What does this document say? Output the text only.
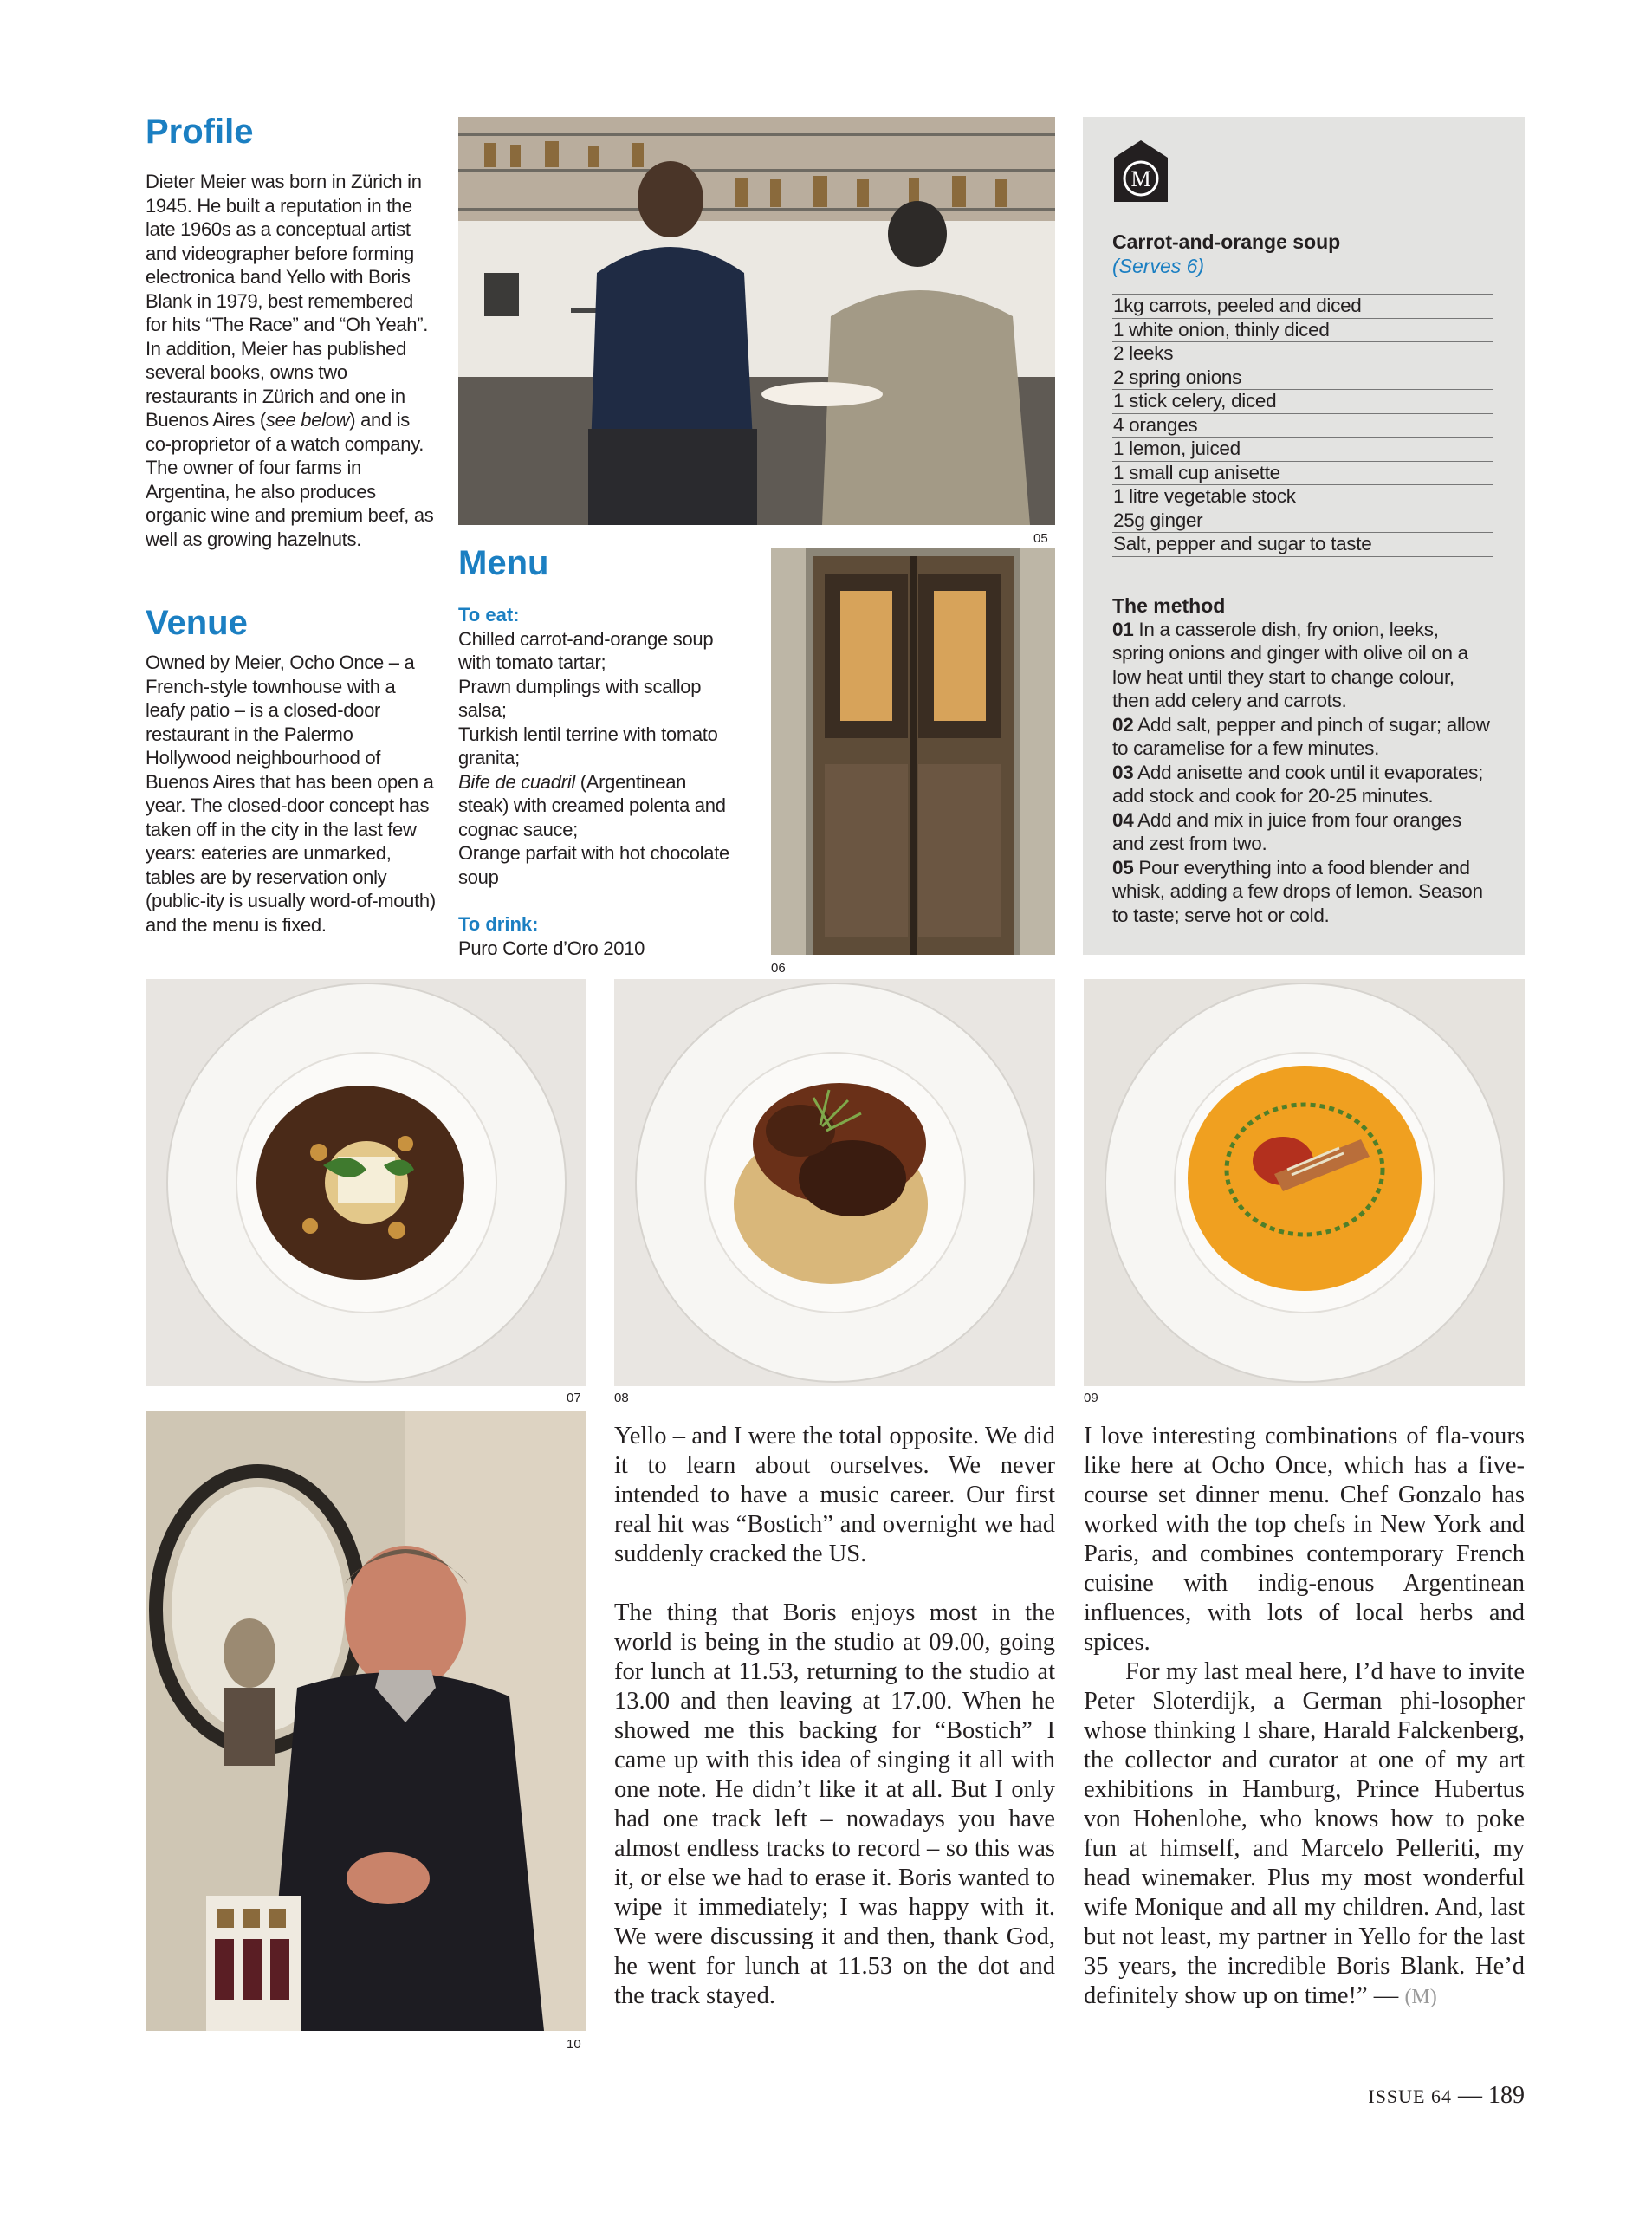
Profile
Dieter Meier was born in Zürich in 1945. He built a reputation in the late 1960s as a conceptual artist and videographer before forming electronica band Yello with Boris Blank in 1979, best remembered for hits “The Race” and “Oh Yeah”. In addition, Meier has published several books, owns two restaurants in Zürich and one in Buenos Aires (see below) and is co-proprietor of a watch company. The owner of four farms in Argentina, he also produces organic wine and premium beef, as well as growing hazelnuts.
Venue
Owned by Meier, Ocho Once – a French-style townhouse with a leafy patio – is a closed-door restaurant in the Palermo Hollywood neighbourhood of Buenos Aires that has been open a year. The closed-door concept has taken off in the city in the last few years: eateries are unmarked, tables are by reservation only (public-ity is usually word-of-mouth) and the menu is fixed.
05
Menu
To eat:
Chilled carrot-and-orange soup with tomato tartar;
Prawn dumplings with scallop salsa;
Turkish lentil terrine with tomato granita;
Bife de cuadril (Argentinean steak) with creamed polenta and cognac sauce;
Orange parfait with hot chocolate soup
To drink:
Puro Corte d’Oro 2010
06
M
Carrot-and-orange soup
(Serves 6)
1kg carrots, peeled and diced
1 white onion, thinly diced
2 leeks
2 spring onions
1 stick celery, diced
4 oranges
1 lemon, juiced
1 small cup anisette
1 litre vegetable stock
25g ginger
Salt, pepper and sugar to taste
The method

01 In a casserole dish, fry onion, leeks, spring onions and ginger with olive oil on a low heat until they start to change colour, then add celery and carrots.

02 Add salt, pepper and pinch of sugar; allow to caramelise for a few minutes.

03 Add anisette and cook until it evaporates; add stock and cook for 20-25 minutes.

04 Add and mix in juice from four oranges and zest from two.

05 Pour everything into a food blender and whisk, adding a few drops of lemon. Season to taste; serve hot or cold.

07	08	09
10

Yello – and I were the total opposite. We did it to learn about ourselves. We never intended to have a music career. Our first real hit was “Bostich” and overnight we had suddenly cracked the US.

The thing that Boris enjoys most in the world is being in the studio at 09.00, going for lunch at 11.53, returning to the studio at 13.00 and then leaving at 17.00. When he showed me this backing for “Bostich” I came up with this idea of singing it all with one note. He didn’t like it at all. But I only had one track left – nowadays you have almost endless tracks to record – so this was it, or else we had to erase it. Boris wanted to wipe it immediately; I was happy with it. We were discussing it and then, thank God, he went for lunch at 11.53 on the dot and the track stayed.

I love interesting combinations of fla-vours like here at Ocho Once, which has a five-course set dinner menu. Chef Gonzalo has worked with the top chefs in New York and Paris, and combines contemporary French cuisine with indig-enous Argentinean influences, with lots of local herbs and spices.

For my last meal here, I’d have to invite Peter Sloterdijk, a German phi-losopher whose thinking I share, Harald Falckenberg, the collector and curator at one of my art exhibitions in Hamburg, Prince Hubertus von Hohenlohe, who knows how to poke fun at himself, and Marcelo Pelleriti, my head winemaker. Plus my most wonderful wife Monique and all my children. And, last but not least, my partner in Yello for the last 35 years, the incredible Boris Blank. He’d definitely show up on time!” — (M)

ISSUE 64 — 189
